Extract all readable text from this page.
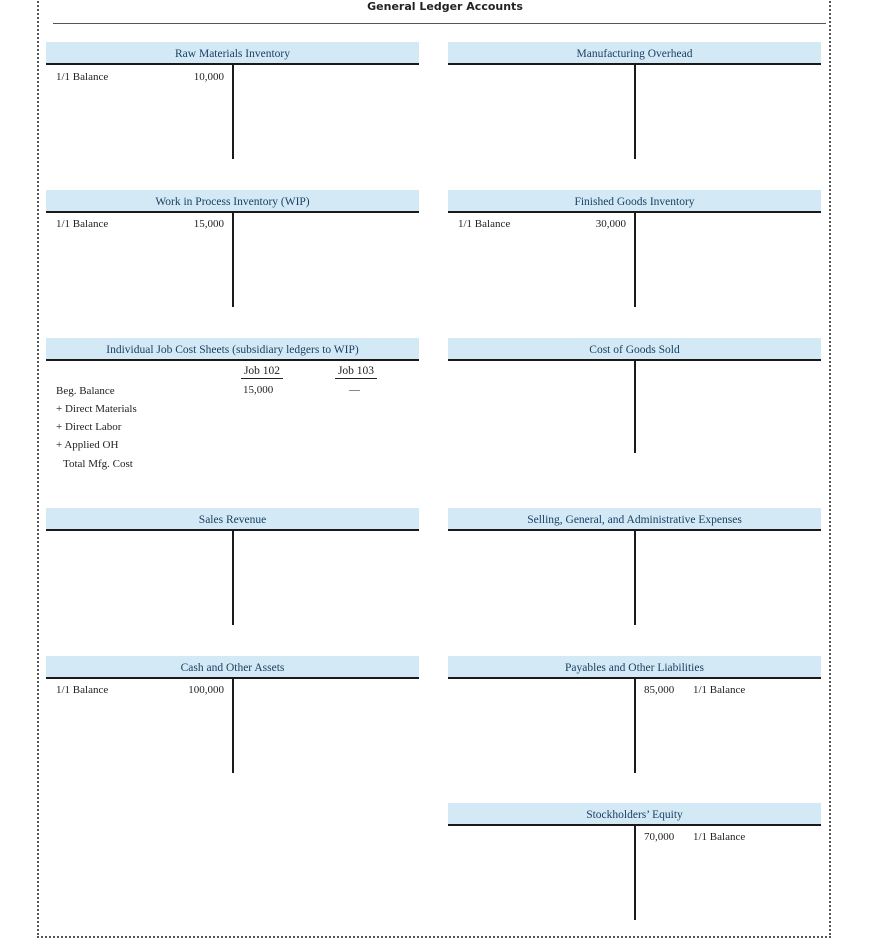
General Ledger Accounts
Raw Materials Inventory
1/1 Balance	10,000
Manufacturing Overhead
Work in Process Inventory (WIP)
1/1 Balance	15,000
Finished Goods Inventory
1/1 Balance	30,000
Individual Job Cost Sheets (subsidiary ledgers to WIP)
Job 102	Job 103
Beg. Balance	15,000	—
+ Direct Materials
+ Direct Labor
+ Applied OH
Total Mfg. Cost
Cost of Goods Sold
Sales Revenue	Selling, General, and Administrative Expenses
Cash and Other Assets
1/1 Balance	100,000
Payables and Other Liabilities
85,000 1/1 Balance
Stockholders’ Equity
70,000 1/1 Balance
